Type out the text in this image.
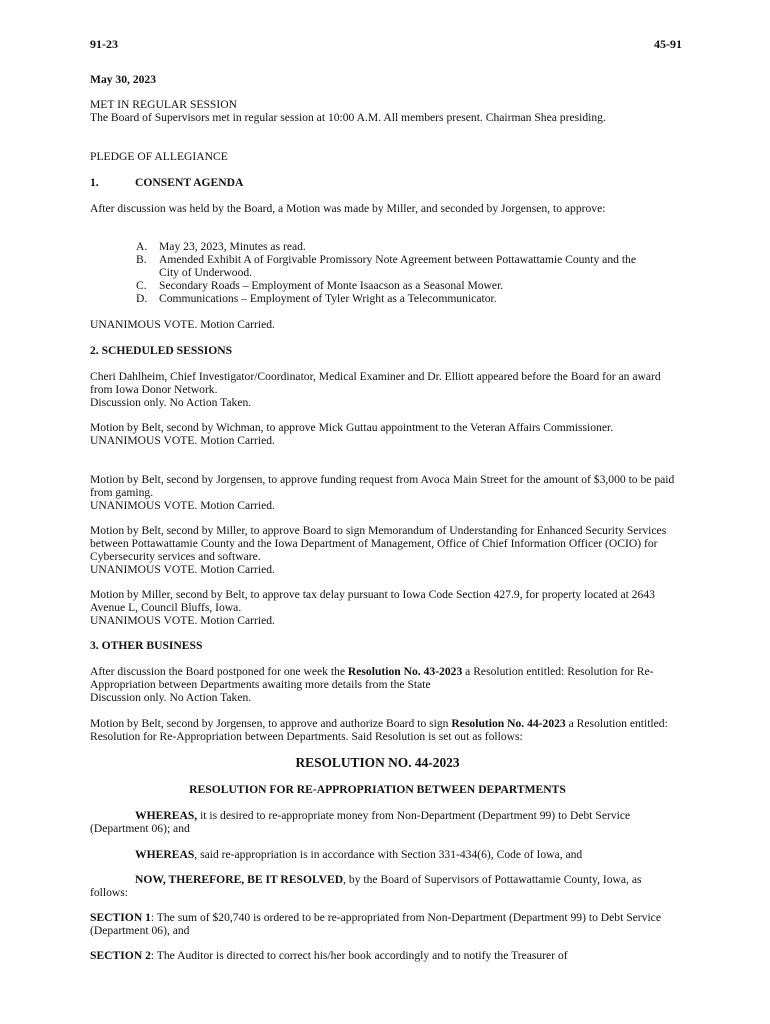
91-23	45-91
May 30, 2023
MET IN REGULAR SESSION
The Board of Supervisors met in regular session at 10:00 A.M. All members present. Chairman Shea presiding.
PLEDGE OF ALLEGIANCE
1.	CONSENT AGENDA
After discussion was held by the Board, a Motion was made by Miller, and seconded by Jorgensen, to approve:
A.	May 23, 2023, Minutes as read.
B.	Amended Exhibit A of Forgivable Promissory Note Agreement between Pottawattamie County and the City of Underwood.
C.	Secondary Roads – Employment of Monte Isaacson as a Seasonal Mower.
D.	Communications – Employment of Tyler Wright as a Telecommunicator.
UNANIMOUS VOTE. Motion Carried.
2. SCHEDULED SESSIONS
Cheri Dahlheim, Chief Investigator/Coordinator, Medical Examiner and Dr. Elliott appeared before the Board for an award from Iowa Donor Network.
Discussion only. No Action Taken.
Motion by Belt, second by Wichman, to approve Mick Guttau appointment to the Veteran Affairs Commissioner.
UNANIMOUS VOTE. Motion Carried.
Motion by Belt, second by Jorgensen, to approve funding request from Avoca Main Street for the amount of $3,000 to be paid from gaming.
UNANIMOUS VOTE. Motion Carried.
Motion by Belt, second by Miller, to approve Board to sign Memorandum of Understanding for Enhanced Security Services between Pottawattamie County and the Iowa Department of Management, Office of Chief Information Officer (OCIO) for Cybersecurity services and software.
UNANIMOUS VOTE. Motion Carried.
Motion by Miller, second by Belt, to approve tax delay pursuant to Iowa Code Section 427.9, for property located at 2643 Avenue L, Council Bluffs, Iowa.
UNANIMOUS VOTE. Motion Carried.
3. OTHER BUSINESS
After discussion the Board postponed for one week the Resolution No. 43-2023 a Resolution entitled: Resolution for Re-Appropriation between Departments awaiting more details from the State
Discussion only. No Action Taken.
Motion by Belt, second by Jorgensen, to approve and authorize Board to sign Resolution No. 44-2023 a Resolution entitled: Resolution for Re-Appropriation between Departments. Said Resolution is set out as follows:
RESOLUTION NO. 44-2023
RESOLUTION FOR RE-APPROPRIATION BETWEEN DEPARTMENTS
WHEREAS, it is desired to re-appropriate money from Non-Department (Department 99) to Debt Service (Department 06); and
WHEREAS, said re-appropriation is in accordance with Section 331-434(6), Code of Iowa, and
NOW, THEREFORE, BE IT RESOLVED, by the Board of Supervisors of Pottawattamie County, Iowa, as follows:
SECTION 1: The sum of $20,740 is ordered to be re-appropriated from Non-Department (Department 99) to Debt Service (Department 06), and
SECTION 2: The Auditor is directed to correct his/her book accordingly and to notify the Treasurer of
